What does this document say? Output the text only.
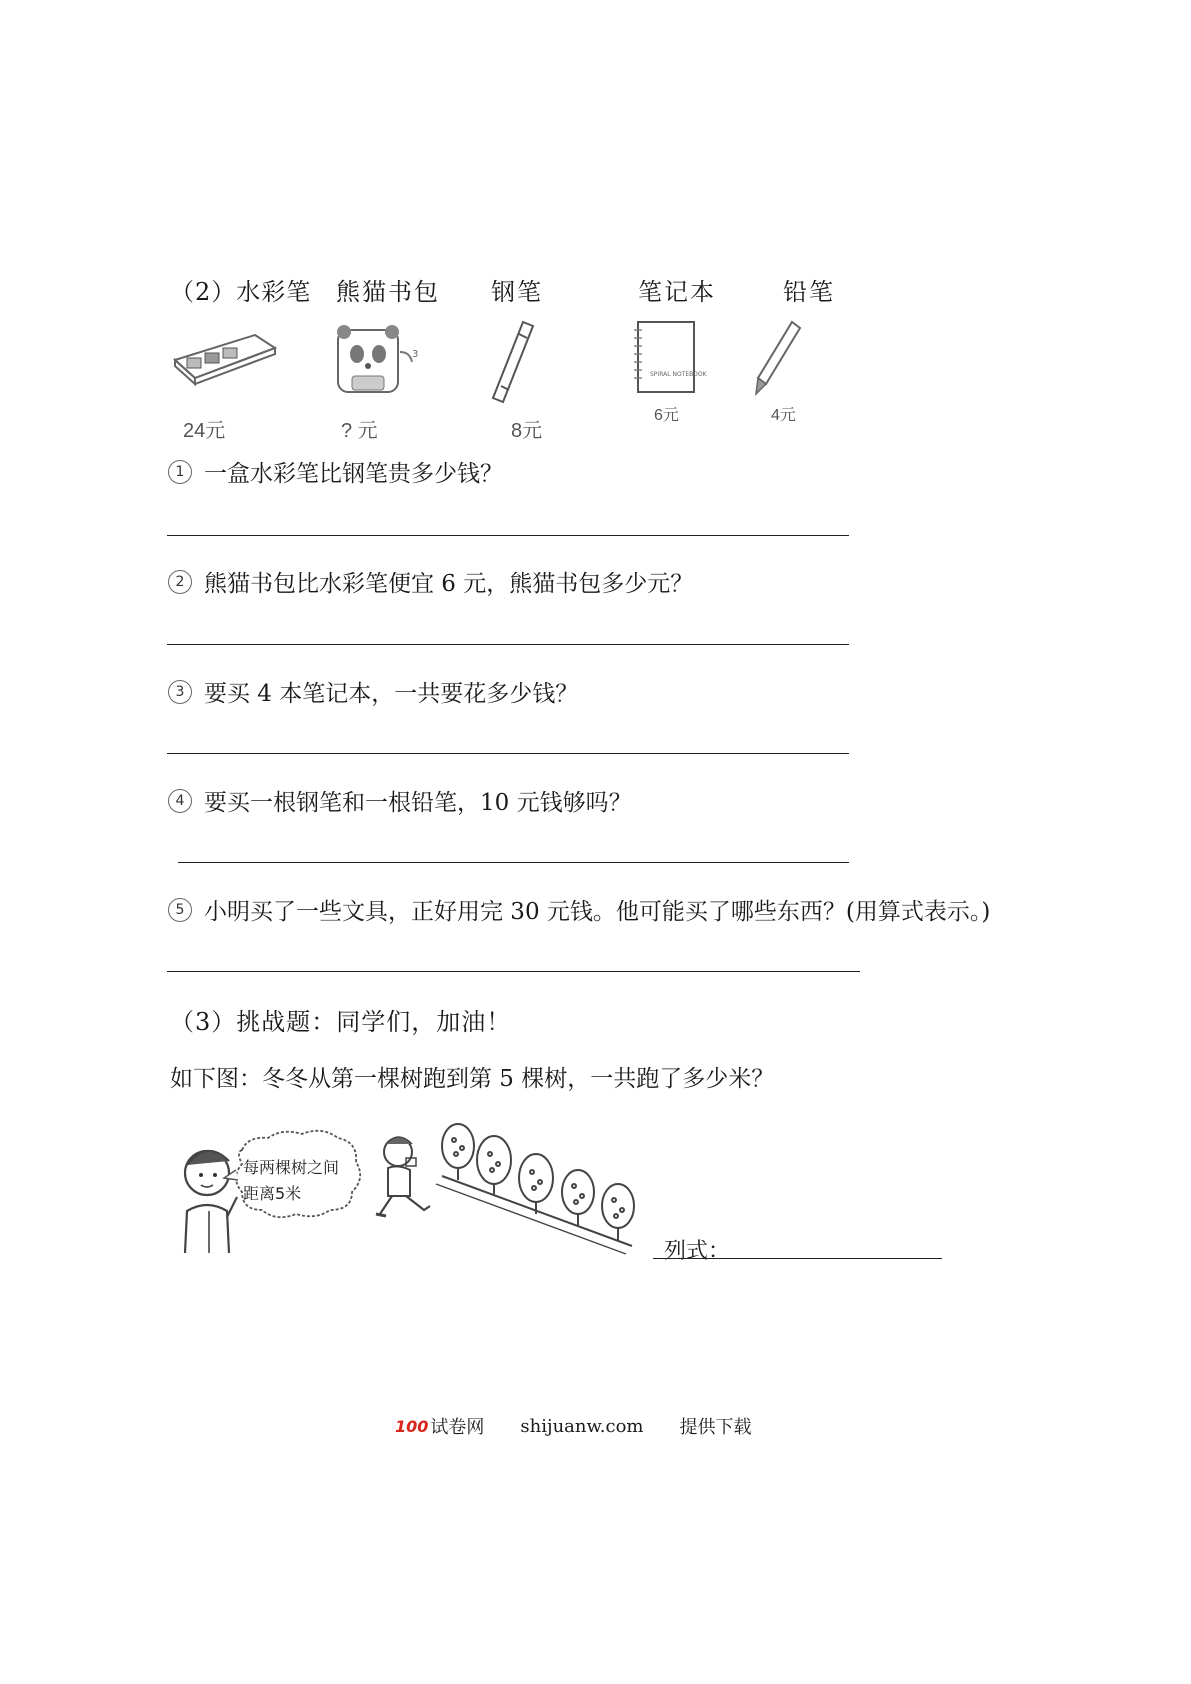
（2）水彩笔 熊猫书包 钢笔	笔记本	铅笔
3
SPIRAL NOTEBOOK
24元	? 元	8元
6元	4元
1 一盒水彩笔比钢笔贵多少钱？
2 熊猫书包比水彩笔便宜 6 元，熊猫书包多少元？
3 要买 4 本笔记本，一共要花多少钱？
4 要买一根钢笔和一根铅笔，10 元钱够吗？
5 小明买了一些文具，正好用完 30 元钱。他可能买了哪些东西？(用算式表示。)
（3）挑战题：同学们，加油！
如下图：冬冬从第一棵树跑到第 5 棵树，一共跑了多少米？
每两棵树之间
距离5米
列式：
100 试卷网 shijuanw.com 提供下载
